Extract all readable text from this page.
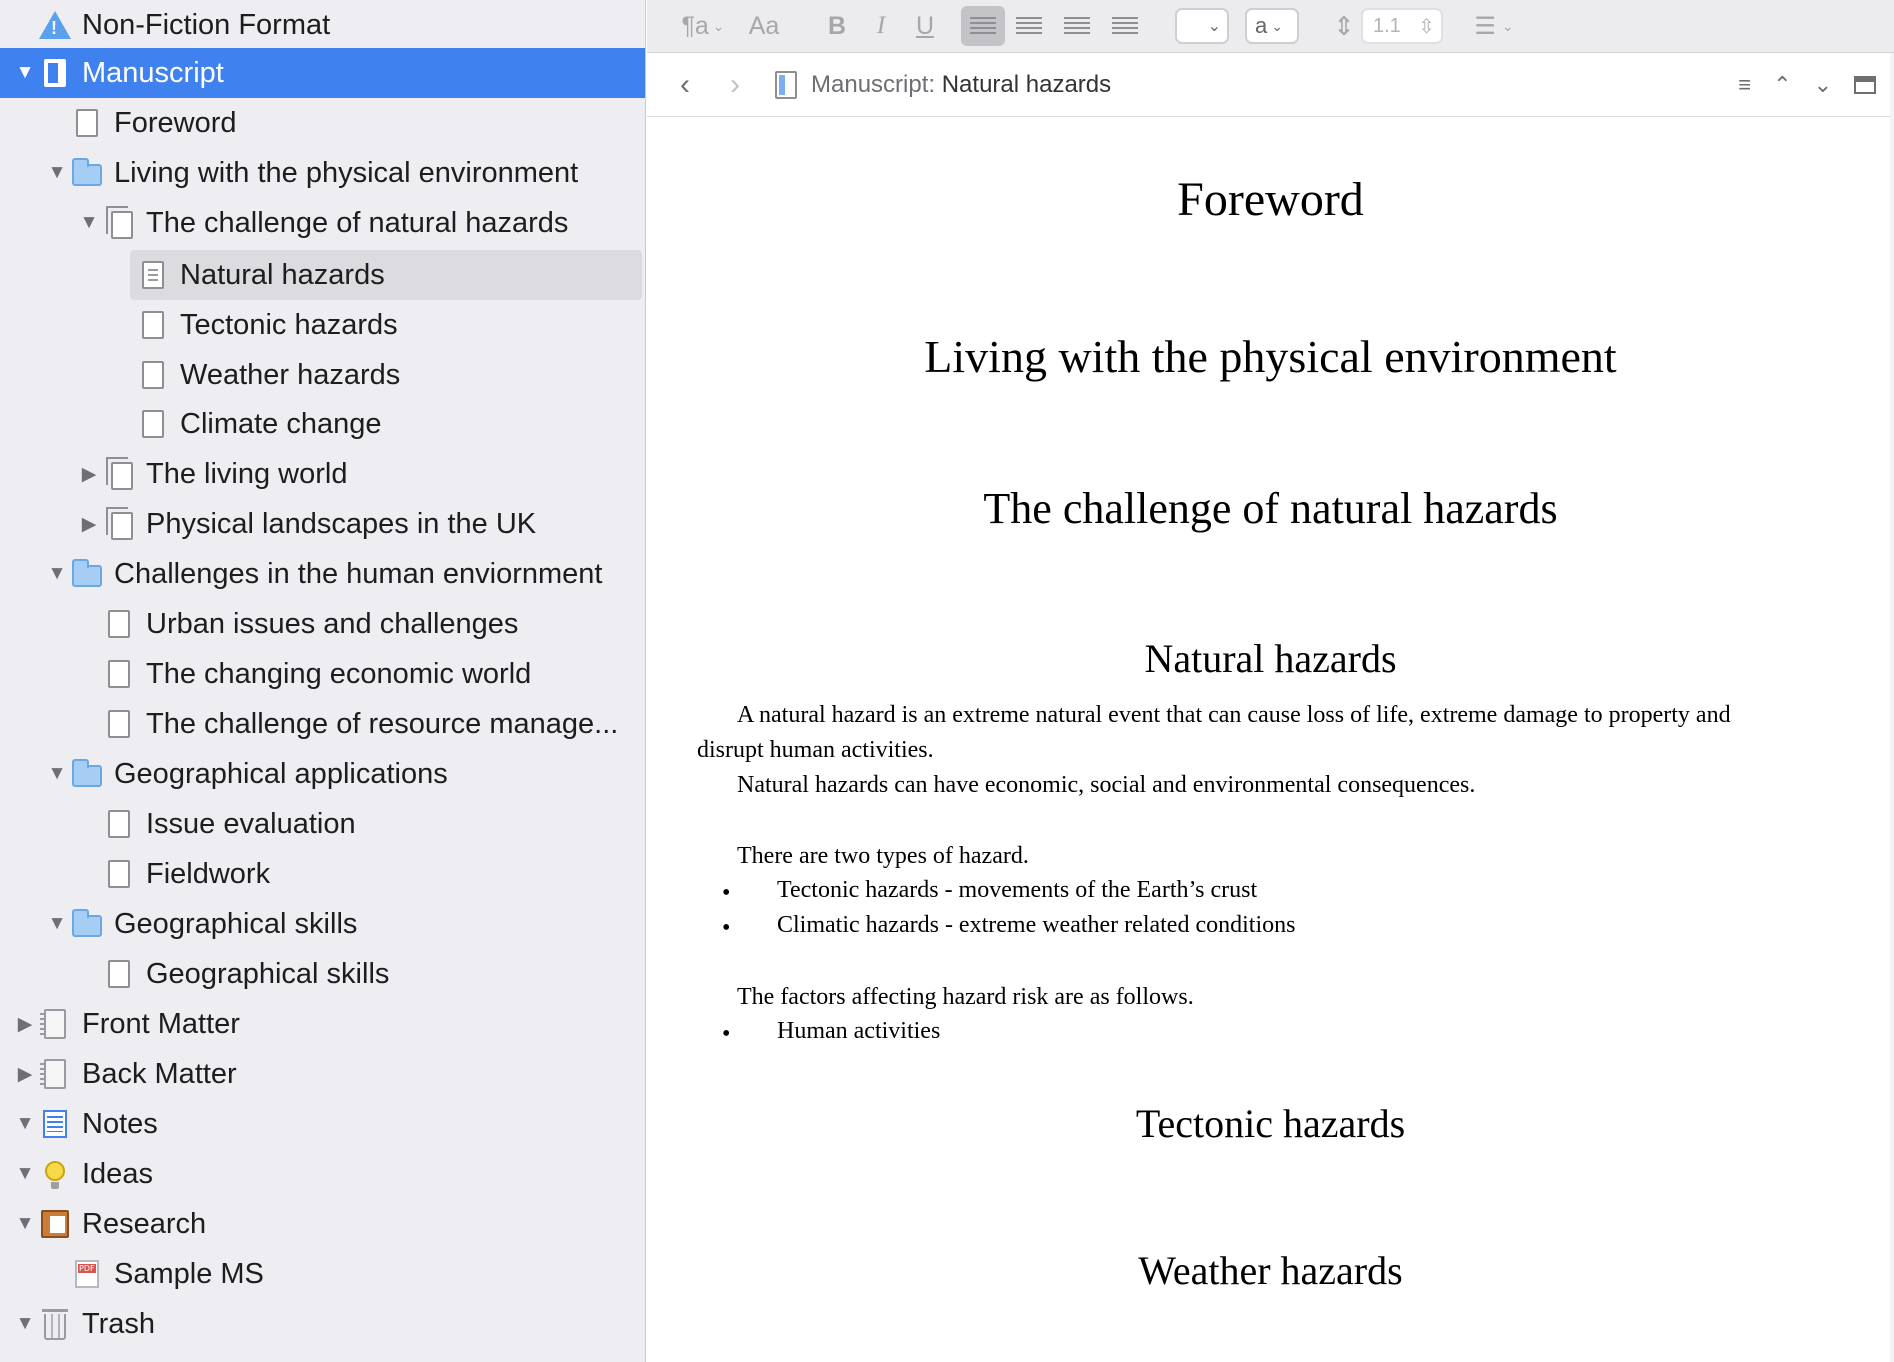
!
Non-Fiction Format
▼ Manuscript
Foreword
▼ Living with the physical environment
▼ The challenge of natural hazards
Natural hazards
Tectonic hazards
Weather hazards
Climate change
▶ The living world
▶ Physical landscapes in the UK
▼ Challenges in the human enviornment
Urban issues and challenges
The changing economic world
The challenge of resource manage...
▼ Geographical applications
Issue evaluation
Fieldwork
▼ Geographical skills
Geographical skills
▶ Front Matter
▶ Back Matter
▼ Notes
▼ Ideas
▼ Research
PDF
Sample MS
▼ Trash
¶a ⌄ Aa	B	I	U	⌄ a ⌄ ⇕ 1.1 ⇳	☰ ⌄
‹	›	Manuscript: Natural hazards	≡ ⌃ ⌄
Foreword
Living with the physical environment
The challenge of natural hazards
Natural hazards
A natural hazard is an extreme natural event that can cause loss of life, extreme damage to property and
disrupt human activities.
Natural hazards can have economic, social and environmental consequences.
There are two types of hazard.
• Tectonic hazards - movements of the Earth’s crust
• Climatic hazards - extreme weather related conditions
The factors affecting hazard risk are as follows.
• Human activities
Tectonic hazards
Weather hazards
